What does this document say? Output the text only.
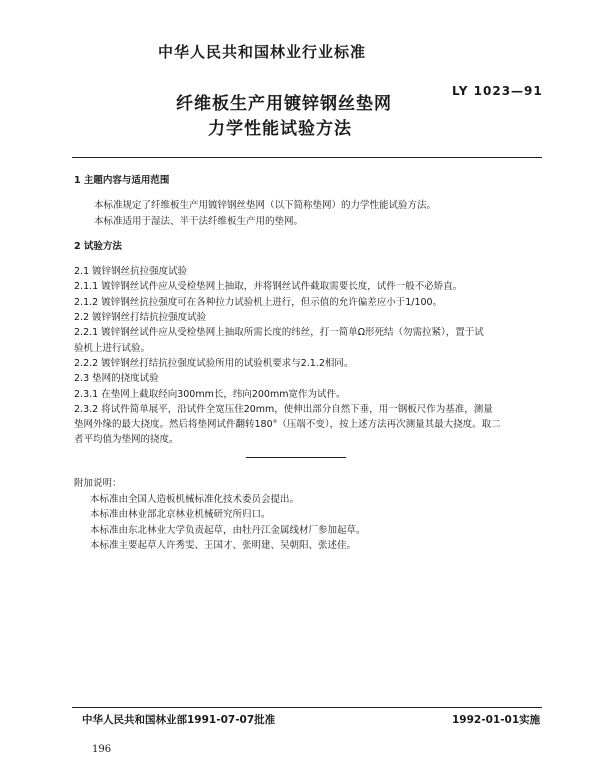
中华人民共和国林业行业标准
LY 1023—91
纤维板生产用镀锌钢丝垫网
力学性能试验方法

1 主题内容与适用范围

本标准规定了纤维板生产用镀锌钢丝垫网（以下简称垫网）的力学性能试验方法。

本标准适用于湿法、半干法纤维板生产用的垫网。

2 试验方法

2.1 镀锌钢丝抗拉强度试验

2.1.1 镀锌钢丝试件应从受检垫网上抽取，并将钢丝试件截取需要长度，试件一般不必矫直。

2.1.2 镀锌钢丝抗拉强度可在各种拉力试验机上进行，但示值的允许偏差应小于1/100。

2.2 镀锌钢丝打结抗拉强度试验

2.2.1 镀锌钢丝试件应从受检垫网上抽取所需长度的纬丝，打一简单Ω形死结（勿需拉紧），置于试

验机上进行试验。

2.2.2 镀锌钢丝打结抗拉强度试验所用的试验机要求与2.1.2相同。

2.3 垫网的挠度试验

2.3.1 在垫网上截取经向300mm长，纬向200mm宽作为试件。

2.3.2 将试件简单展平，沿试件全宽压住20mm，使伸出部分自然下垂，用一钢板尺作为基准，测量

垫网外缘的最大挠度。然后将垫网试件翻转180°（压端不变），按上述方法再次测量其最大挠度。取二

者平均值为垫网的挠度。

附加说明：

本标准由全国人造板机械标准化技术委员会提出。

本标准由林业部北京林业机械研究所归口。

本标准由东北林业大学负责起草，由牡丹江金属线材厂参加起草。

本标准主要起草人许秀雯、王国才、张明建、吴朝阳、张述佳。

中华人民共和国林业部1991-07-07批准	1992-01-01实施
196
